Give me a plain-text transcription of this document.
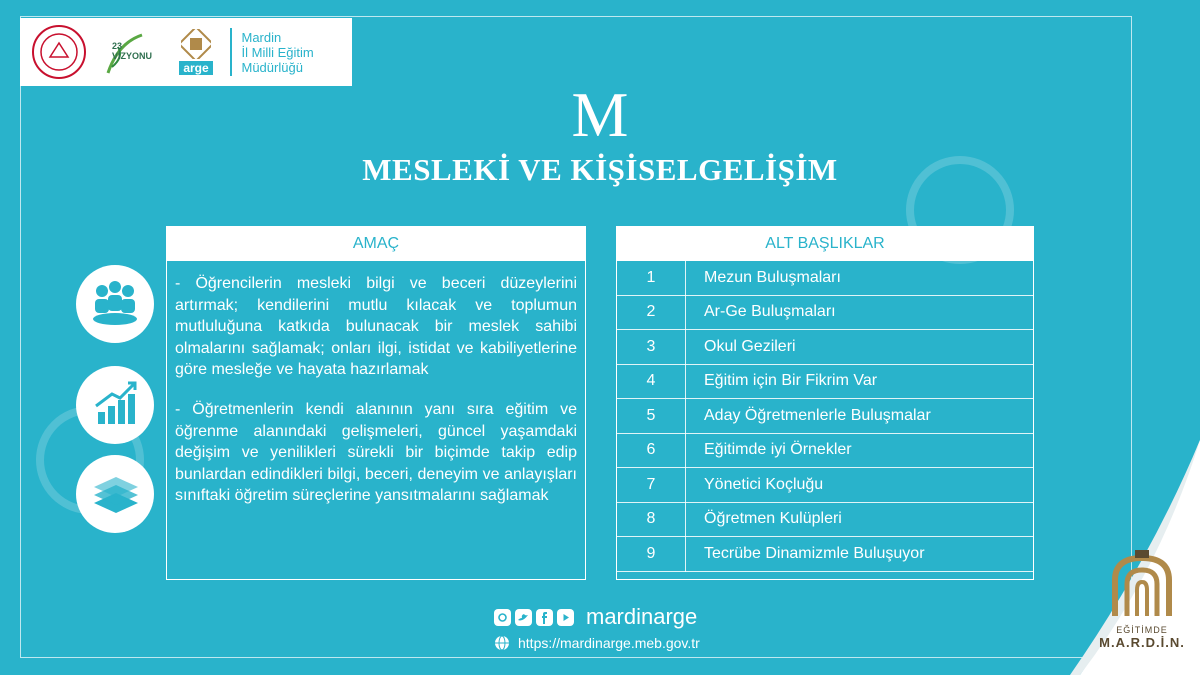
23 VİZYONU
arge
Mardin
İl Milli Eğitim
Müdürlüğü
M
MESLEKİ VE KİŞİSELGELİŞİM
AMAÇ

- Öğrencilerin mesleki bilgi ve beceri düzeylerini artırmak; kendilerini mutlu kılacak ve toplumun mutluluğuna katkıda bulunacak bir meslek sahibi olmalarını sağlamak; onları ilgi, istidat ve kabiliyetlerine göre mesleğe ve hayata hazırlamak

- Öğretmenlerin kendi alanının yanı sıra eğitim ve öğrenme alanındaki gelişmeleri, güncel yaşamdaki değişim ve yenilikleri sürekli bir biçimde takip edip bunlardan edindikleri bilgi, beceri, deneyim ve anlayışları sınıftaki öğretim süreçlerine yansıtmalarını sağlamak

ALT BAŞLIKLAR
1	Mezun Buluşmaları
2	Ar-Ge Buluşmaları
3	Okul Gezileri
4	Eğitim için Bir Fikrim Var
5	Aday Öğretmenlerle Buluşmalar
6	Eğitimde iyi Örnekler
7	Yönetici Koçluğu
8	Öğretmen Kulüpleri
9	Tecrübe Dinamizmle Buluşuyor
mardinarge
https://mardinarge.meb.gov.tr
EĞİTİMDE
M.A.R.D.İ.N.
